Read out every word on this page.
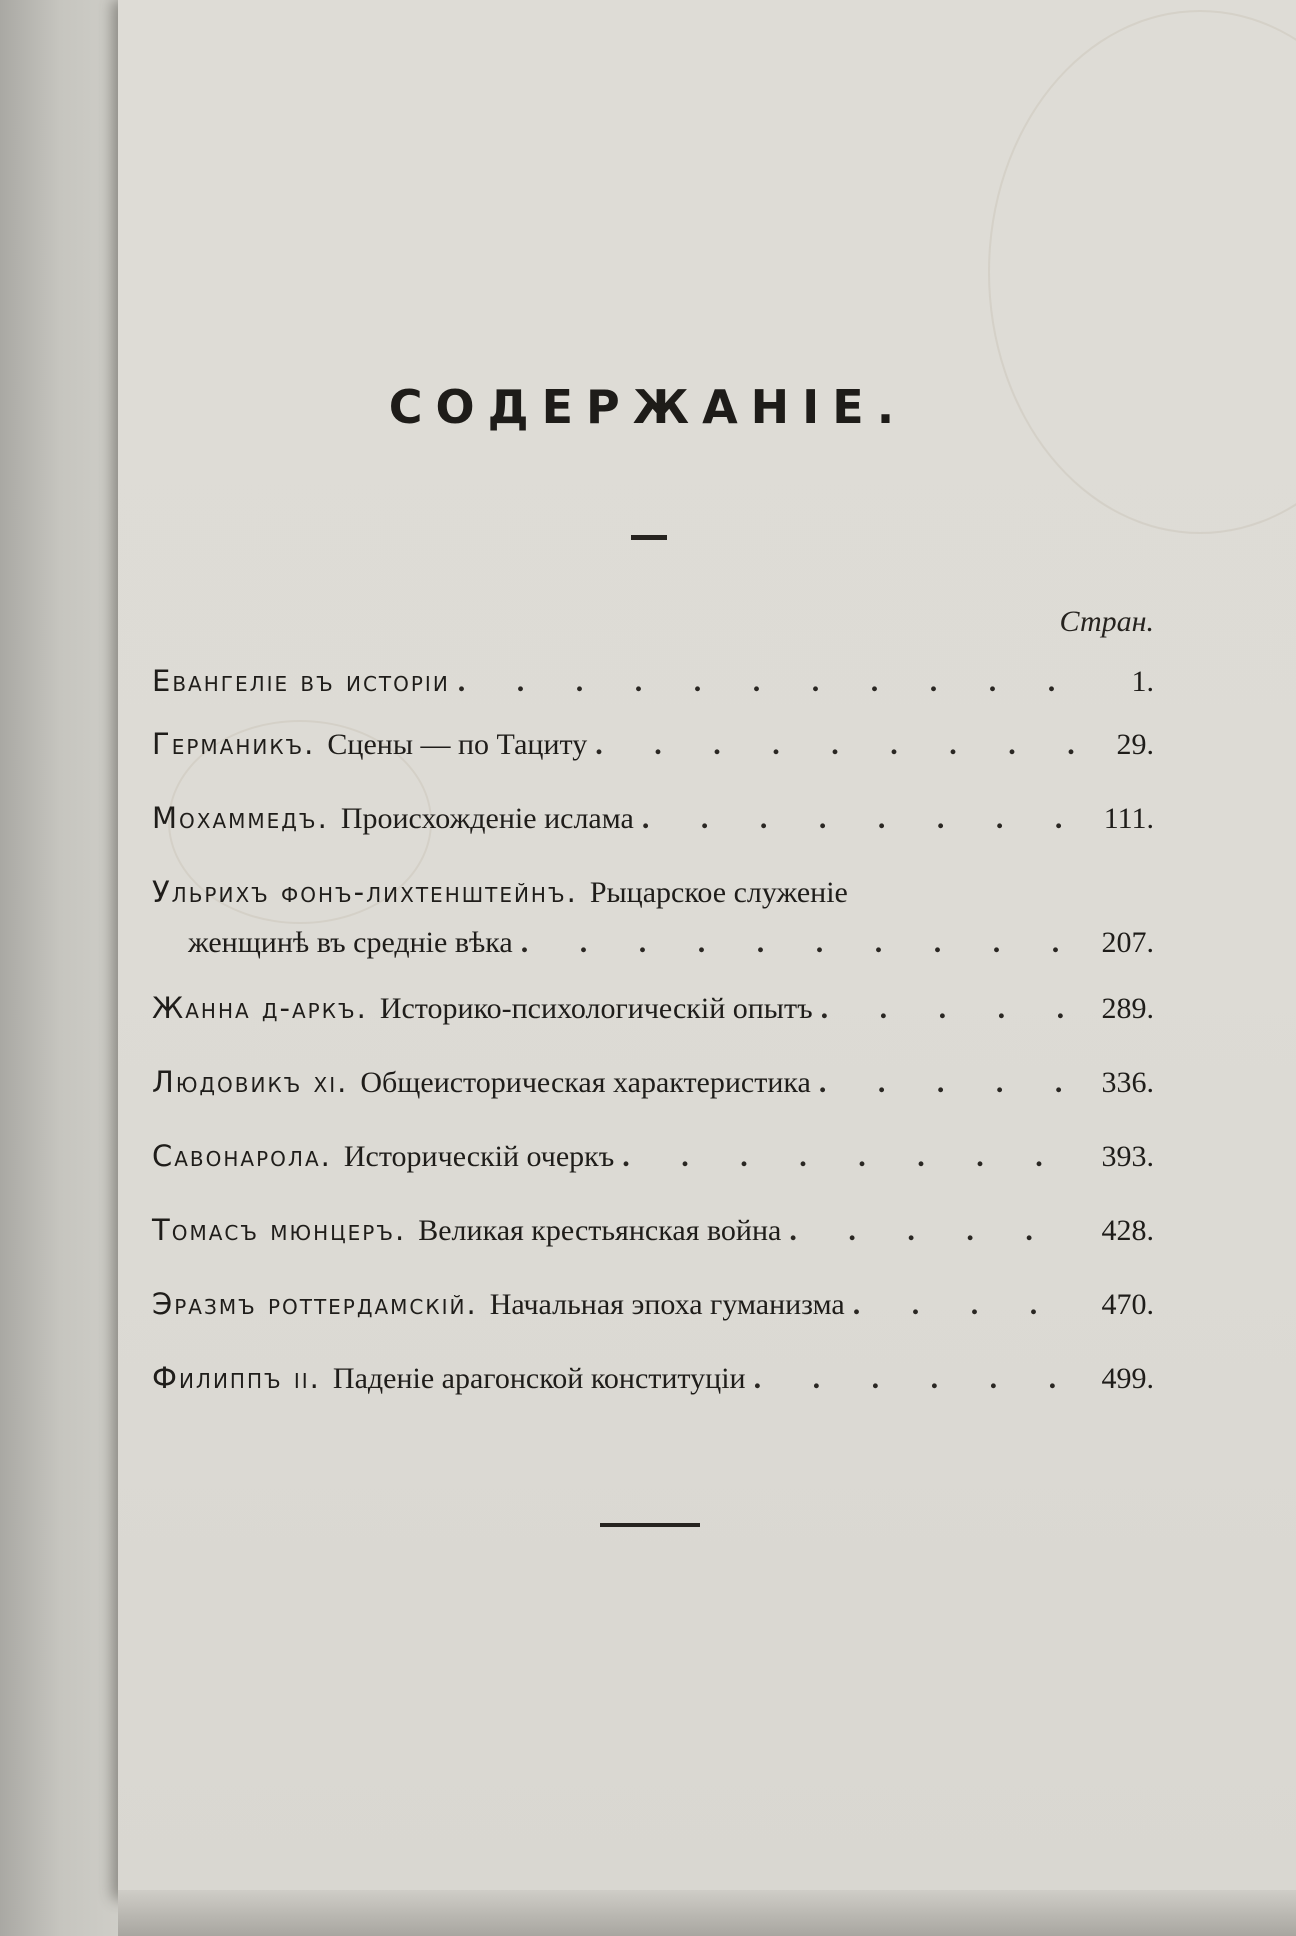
СОДЕРЖАНІЕ.
Стран.
Евангеліе въ исторіи . . .	1.
Германикъ. Сцены — по Тациту . . .	29.
Мохаммедъ. Происхожденіе ислама . . .	111.
Ульрихъ фонъ-лихтенштейнъ. Рыцарское служеніе
женщинѣ въ средніе вѣка . . .	207.
Жанна д-аркъ. Историко-психологическій опытъ . . .	289.
Людовикъ xi. Общеисторическая характеристика . . .	336.
Савонарола. Историческій очеркъ . . .	393.
Томасъ мюнцеръ. Великая крестьянская война . . .	428.
Эразмъ роттердамскій. Начальная эпоха гуманизма . . .	470.
Филиппъ ii. Паденіе арагонской конституціи . . .	499.
